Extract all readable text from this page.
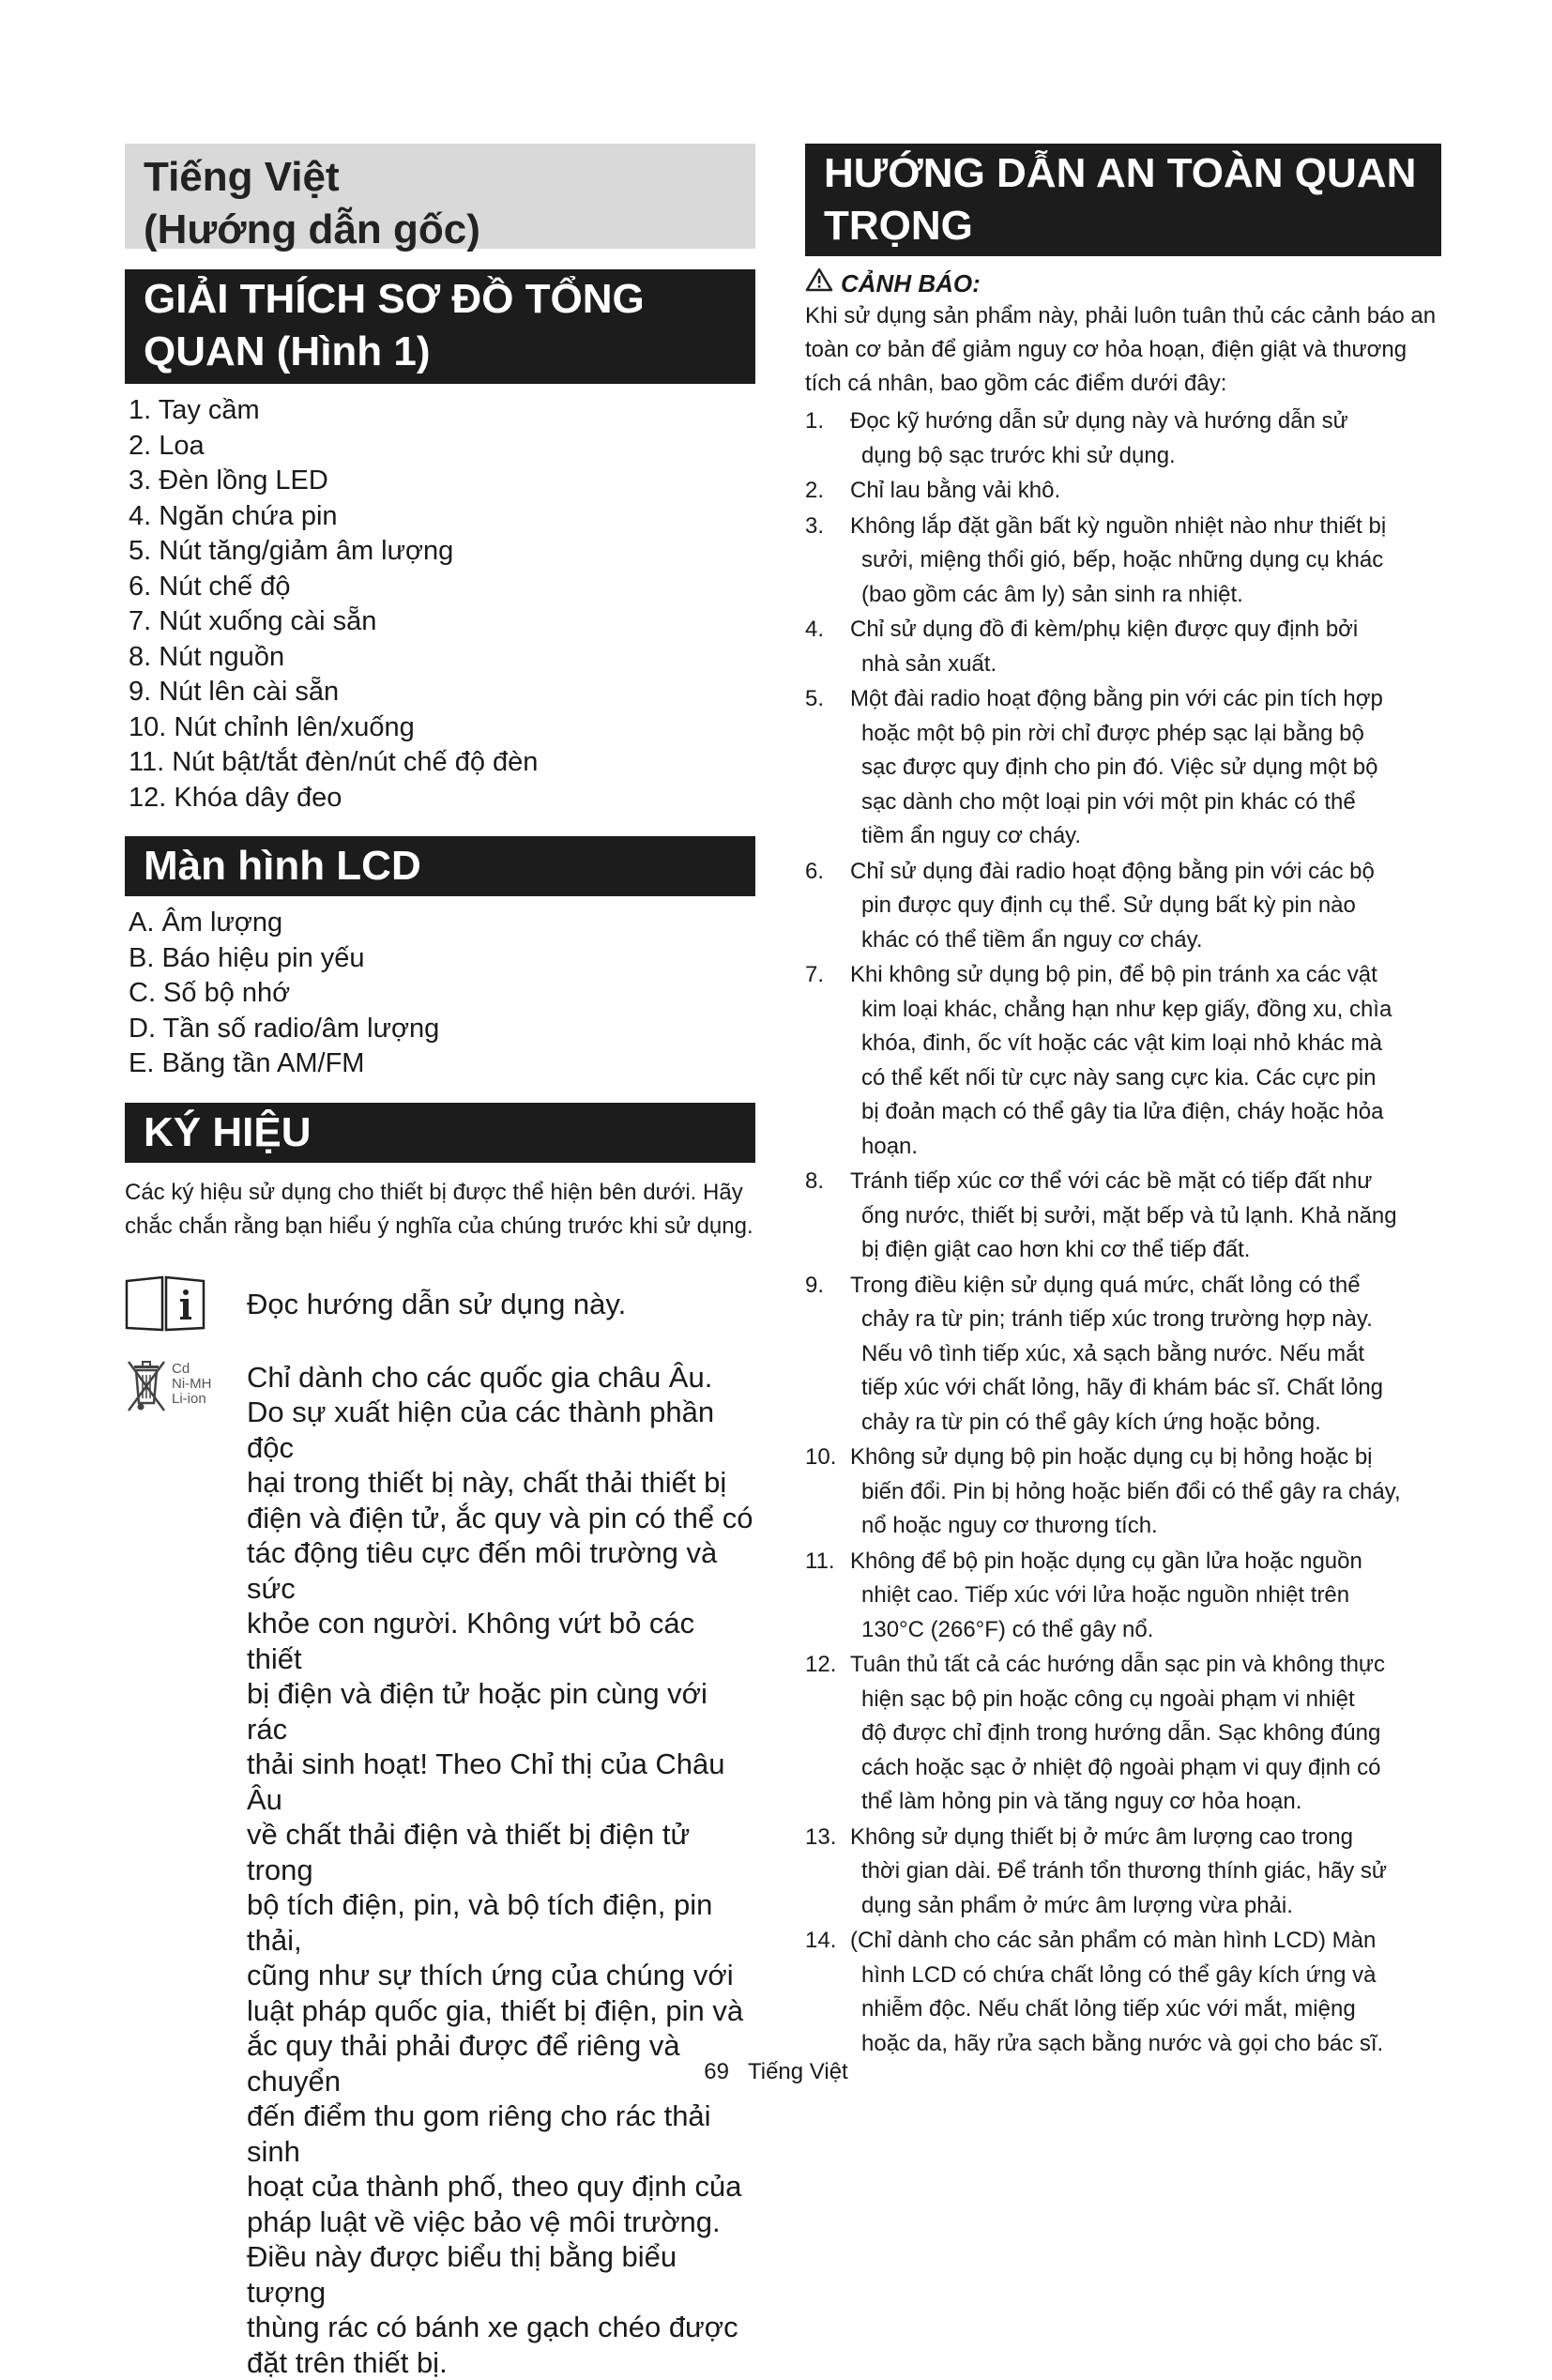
Tiếng Việt
(Hướng dẫn gốc)
GIẢI THÍCH SƠ ĐỒ TỔNG
QUAN (Hình 1)
1. Tay cầm
2. Loa
3. Đèn lồng LED
4. Ngăn chứa pin
5. Nút tăng/giảm âm lượng
6. Nút chế độ
7. Nút xuống cài sẵn
8. Nút nguồn
9. Nút lên cài sẵn
10. Nút chỉnh lên/xuống
11. Nút bật/tắt đèn/nút chế độ đèn
12. Khóa dây đeo
Màn hình LCD
A. Âm lượng
B. Báo hiệu pin yếu
C. Số bộ nhớ
D. Tần số radio/âm lượng
E. Băng tần AM/FM
KÝ HIỆU

Các ký hiệu sử dụng cho thiết bị được thể hiện bên dưới. Hãy chắc chắn rằng bạn hiểu ý nghĩa của chúng trước khi sử dụng.

Đọc hướng dẫn sử dụng này.
Cd
Ni-MH
Li-ion
Chỉ dành cho các quốc gia châu Âu.
Do sự xuất hiện của các thành phần độc
hại trong thiết bị này, chất thải thiết bị
điện và điện tử, ắc quy và pin có thể có
tác động tiêu cực đến môi trường và sức
khỏe con người. Không vứt bỏ các thiết
bị điện và điện tử hoặc pin cùng với rác
thải sinh hoạt! Theo Chỉ thị của Châu Âu
về chất thải điện và thiết bị điện tử trong
bộ tích điện, pin, và bộ tích điện, pin thải,
cũng như sự thích ứng của chúng với
luật pháp quốc gia, thiết bị điện, pin và
ắc quy thải phải được để riêng và chuyển
đến điểm thu gom riêng cho rác thải sinh
hoạt của thành phố, theo quy định của
pháp luật về việc bảo vệ môi trường.
Điều này được biểu thị bằng biểu tượng
thùng rác có bánh xe gạch chéo được
đặt trên thiết bị.
HƯỚNG DẪN AN TOÀN QUAN
TRỌNG
CẢNH BÁO:

Khi sử dụng sản phẩm này, phải luôn tuân thủ các cảnh báo an toàn cơ bản để giảm nguy cơ hỏa hoạn, điện giật và thương tích cá nhân, bao gồm các điểm dưới đây:

1. Đọc kỹ hướng dẫn sử dụng này và hướng dẫn sử
dụng bộ sạc trước khi sử dụng.
2. Chỉ lau bằng vải khô.
3. Không lắp đặt gần bất kỳ nguồn nhiệt nào như thiết bị
sưởi, miệng thổi gió, bếp, hoặc những dụng cụ khác
(bao gồm các âm ly) sản sinh ra nhiệt.
4. Chỉ sử dụng đồ đi kèm/phụ kiện được quy định bởi
nhà sản xuất.
5. Một đài radio hoạt động bằng pin với các pin tích hợp
hoặc một bộ pin rời chỉ được phép sạc lại bằng bộ
sạc được quy định cho pin đó. Việc sử dụng một bộ
sạc dành cho một loại pin với một pin khác có thể
tiềm ẩn nguy cơ cháy.
6. Chỉ sử dụng đài radio hoạt động bằng pin với các bộ
pin được quy định cụ thể. Sử dụng bất kỳ pin nào
khác có thể tiềm ẩn nguy cơ cháy.
7. Khi không sử dụng bộ pin, để bộ pin tránh xa các vật
kim loại khác, chẳng hạn như kẹp giấy, đồng xu, chìa
khóa, đinh, ốc vít hoặc các vật kim loại nhỏ khác mà
có thể kết nối từ cực này sang cực kia. Các cực pin
bị đoản mạch có thể gây tia lửa điện, cháy hoặc hỏa
hoạn.
8. Tránh tiếp xúc cơ thể với các bề mặt có tiếp đất như
ống nước, thiết bị sưởi, mặt bếp và tủ lạnh. Khả năng
bị điện giật cao hơn khi cơ thể tiếp đất.
9. Trong điều kiện sử dụng quá mức, chất lỏng có thể
chảy ra từ pin; tránh tiếp xúc trong trường hợp này.
Nếu vô tình tiếp xúc, xả sạch bằng nước. Nếu mắt
tiếp xúc với chất lỏng, hãy đi khám bác sĩ. Chất lỏng
chảy ra từ pin có thể gây kích ứng hoặc bỏng.
10. Không sử dụng bộ pin hoặc dụng cụ bị hỏng hoặc bị
biến đổi. Pin bị hỏng hoặc biến đổi có thể gây ra cháy,
nổ hoặc nguy cơ thương tích.
11. Không để bộ pin hoặc dụng cụ gần lửa hoặc nguồn
nhiệt cao. Tiếp xúc với lửa hoặc nguồn nhiệt trên
130°C (266°F) có thể gây nổ.
12. Tuân thủ tất cả các hướng dẫn sạc pin và không thực
hiện sạc bộ pin hoặc công cụ ngoài phạm vi nhiệt
độ được chỉ định trong hướng dẫn. Sạc không đúng
cách hoặc sạc ở nhiệt độ ngoài phạm vi quy định có
thể làm hỏng pin và tăng nguy cơ hỏa hoạn.
13. Không sử dụng thiết bị ở mức âm lượng cao trong
thời gian dài. Để tránh tổn thương thính giác, hãy sử
dụng sản phẩm ở mức âm lượng vừa phải.
14. (Chỉ dành cho các sản phẩm có màn hình LCD) Màn
hình LCD có chứa chất lỏng có thể gây kích ứng và
nhiễm độc. Nếu chất lỏng tiếp xúc với mắt, miệng
hoặc da, hãy rửa sạch bằng nước và gọi cho bác sĩ.
69 Tiếng Việt
